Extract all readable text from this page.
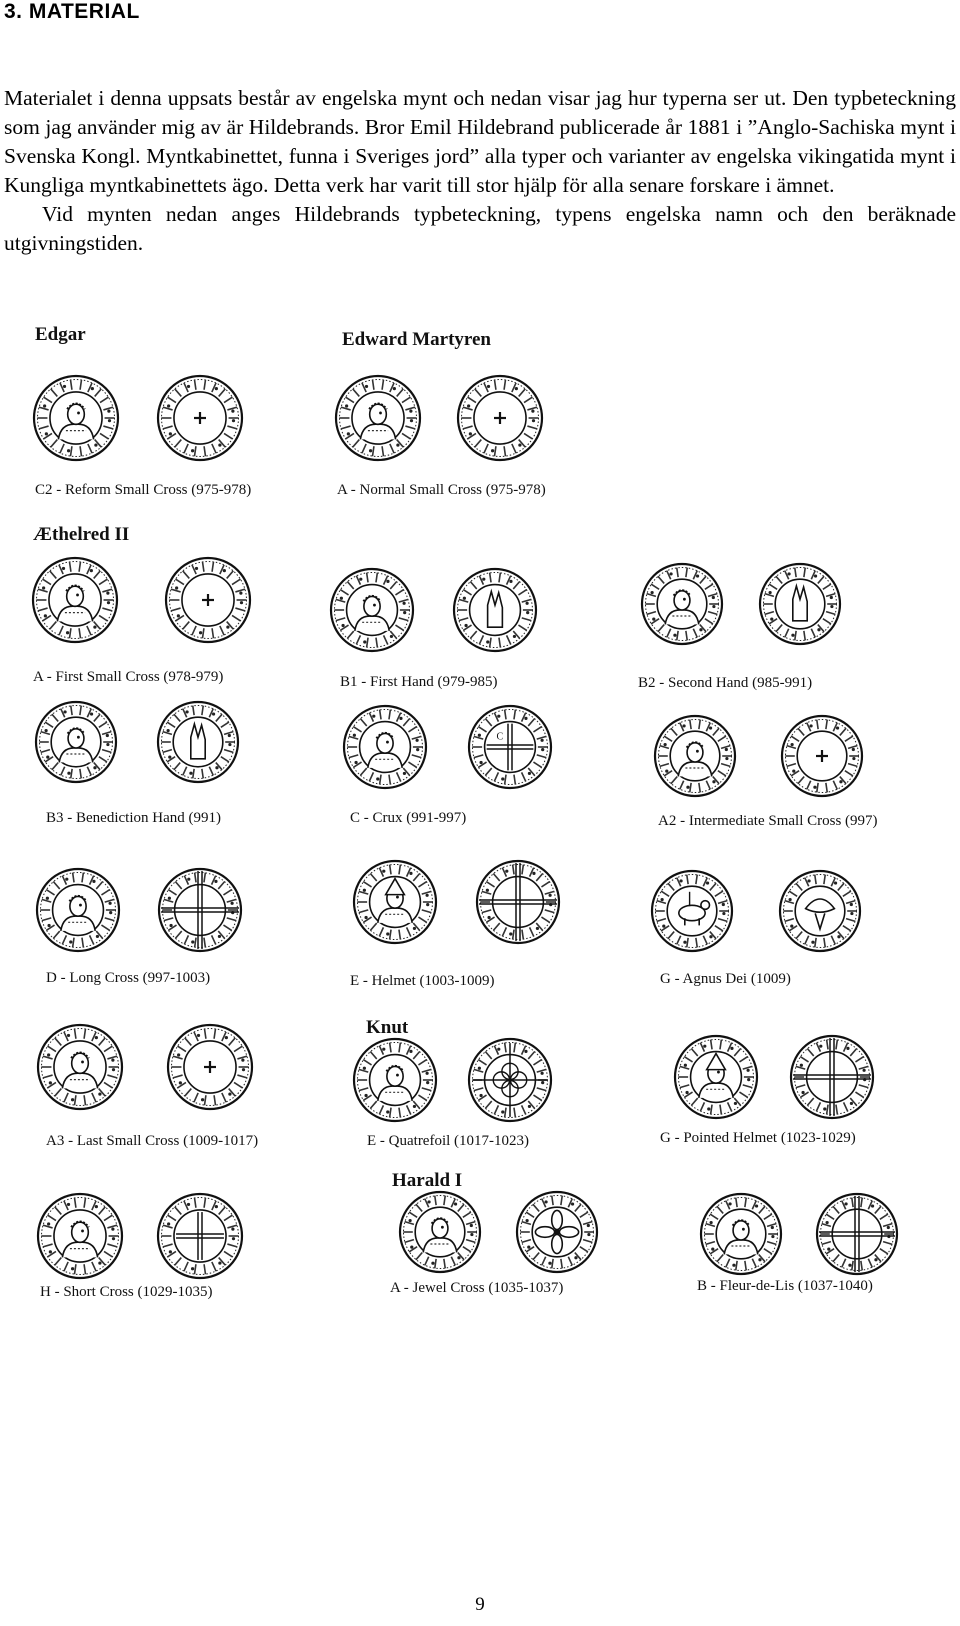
3. MATERIAL

Materialet i denna uppsats består av engelska mynt och nedan visar jag hur typerna ser ut. Den typbeteckning som jag använder mig av är Hildebrands. Bror Emil Hildebrand publicerade år 1881 i ”Anglo-Sachiska mynt i Svenska Kongl. Myntkabinettet, funna i Sveriges jord” alla typer och varianter av engelska vikingatida mynt i Kungliga myntkabinettets ägo. Detta verk har varit till stor hjälp för alla senare forskare i ämnet.

Vid mynten nedan anges Hildebrands typbeteckning, typens engelska namn och den beräknade utgivningstiden.

Edgar	Edward Martyren
Æthelred II
Knut
Harald I
C2 - Reform Small Cross (975-978)	A - Normal Small Cross (975-978)
A - First Small Cross (978-979)	B1 - First Hand (979-985)	B2 - Second Hand (985-991)
B3 - Benediction Hand (991)
C
C - Crux (991-997)	A2 - Intermediate Small Cross (997)
D - Long Cross (997-1003)	E - Helmet (1003-1009)	G - Agnus Dei (1009)
A3 - Last Small Cross (1009-1017)	E - Quatrefoil (1017-1023)	G - Pointed Helmet (1023-1029)
H - Short Cross (1029-1035)	A - Jewel Cross (1035-1037)	B - Fleur-de-Lis (1037-1040)
9
